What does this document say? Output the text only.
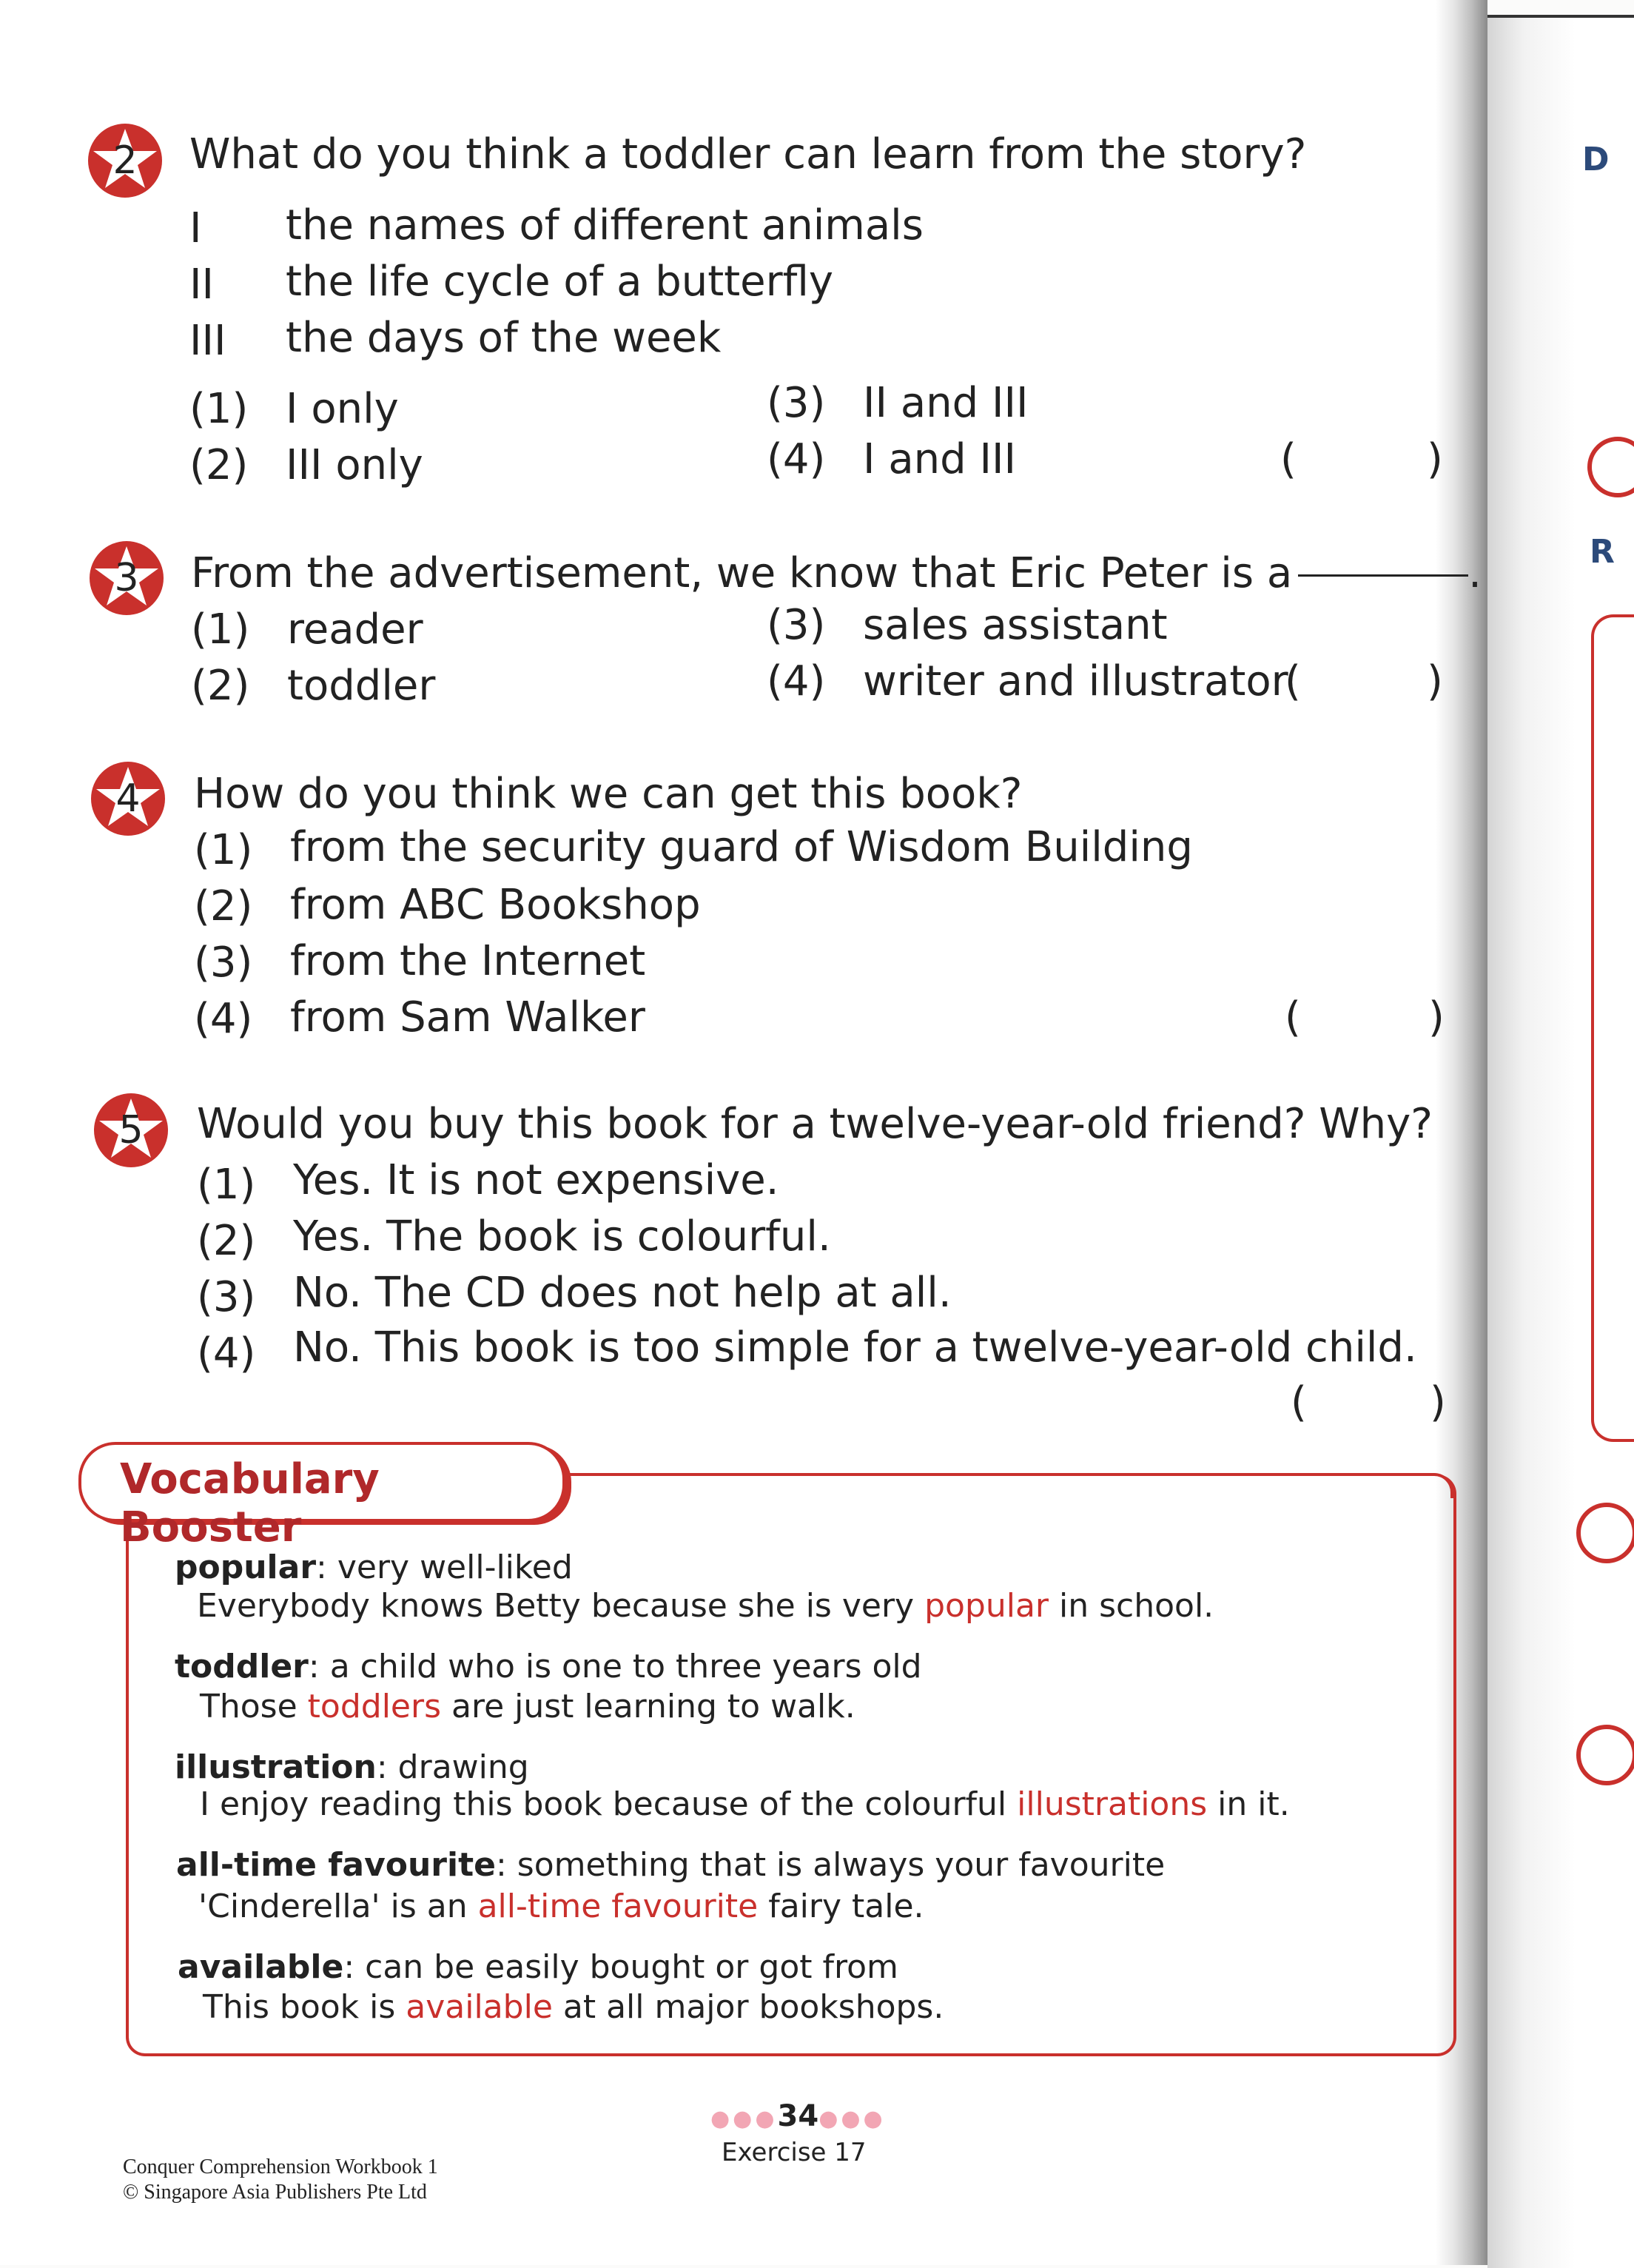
D
R
2	What do you think a toddler can learn from the story?
I the names of different animals
II the life cycle of a butterfly
III the days of the week
(1) I only
(2) III only
(3) II and III
(4) I and III	(	)
3	From the advertisement, we know that Eric Peter is a	.
(1) reader
(2) toddler
(3) sales assistant
(4) writer and illustrator
(	)
4	How do you think we can get this book?
(1) from the security guard of Wisdom Building
(2) from ABC Bookshop
(3) from the Internet
(4) from Sam Walker	(	)
5	Would you buy this book for a twelve-year-old friend? Why?
(1) Yes. It is not expensive.
(2) Yes. The book is colourful.
(3) No. The CD does not help at all.
(4) No. This book is too simple for a twelve-year-old child.
(	)
Vocabulary Booster
popular: very well-liked
Everybody knows Betty because she is very popular in school.
toddler: a child who is one to three years old
Those toddlers are just learning to walk.
illustration: drawing
I enjoy reading this book because of the colourful illustrations in it.
all-time favourite: something that is always your favourite
'Cinderella' is an all-time favourite fairy tale.
available: can be easily bought or got from
This book is available at all major bookshops.
●●●34●●●
Exercise 17
Conquer Comprehension Workbook 1
© Singapore Asia Publishers Pte Ltd
